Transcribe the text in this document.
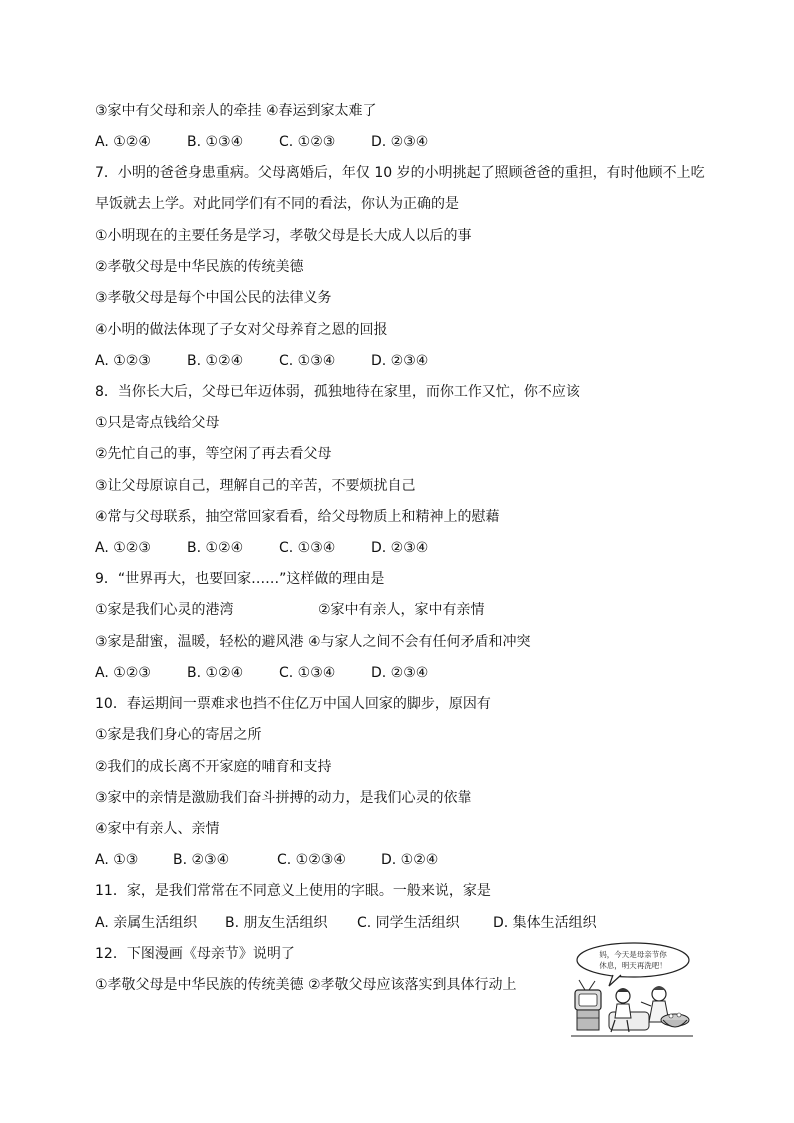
③家中有父母和亲人的牵挂 ④春运到家太难了
A. ①②④	B. ①③④	C. ①②③	D. ②③④
7．小明的爸爸身患重病。父母离婚后，年仅 10 岁的小明挑起了照顾爸爸的重担，有时他顾不上吃
早饭就去上学。对此同学们有不同的看法，你认为正确的是
①小明现在的主要任务是学习，孝敬父母是长大成人以后的事
②孝敬父母是中华民族的传统美德
③孝敬父母是每个中国公民的法律义务
④小明的做法体现了子女对父母养育之恩的回报
A. ①②③	B. ①②④	C. ①③④	D. ②③④
8．当你长大后，父母已年迈体弱，孤独地待在家里，而你工作又忙，你不应该
①只是寄点钱给父母
②先忙自己的事，等空闲了再去看父母
③让父母原谅自己，理解自己的辛苦，不要烦扰自己
④常与父母联系，抽空常回家看看，给父母物质上和精神上的慰藉
A. ①②③	B. ①②④	C. ①③④	D. ②③④
9．“世界再大，也要回家……”这样做的理由是
①家是我们心灵的港湾	②家中有亲人，家中有亲情
③家是甜蜜，温暖，轻松的避风港 ④与家人之间不会有任何矛盾和冲突
A. ①②③	B. ①②④	C. ①③④	D. ②③④
10．春运期间一票难求也挡不住亿万中国人回家的脚步，原因有
①家是我们身心的寄居之所
②我们的成长离不开家庭的哺育和支持
③家中的亲情是激励我们奋斗拼搏的动力，是我们心灵的依靠
④家中有亲人、亲情
A. ①③ B. ②③④	C. ①②③④	D. ①②④
11．家，是我们常常在不同意义上使用的字眼。一般来说，家是
A. 亲属生活组织 B. 朋友生活组织 C. 同学生活组织 D. 集体生活组织
12．下图漫画《母亲节》说明了
①孝敬父母是中华民族的传统美德 ②孝敬父母应该落实到具体行动上
妈，今天是母亲节你
休息，明天再洗吧！
